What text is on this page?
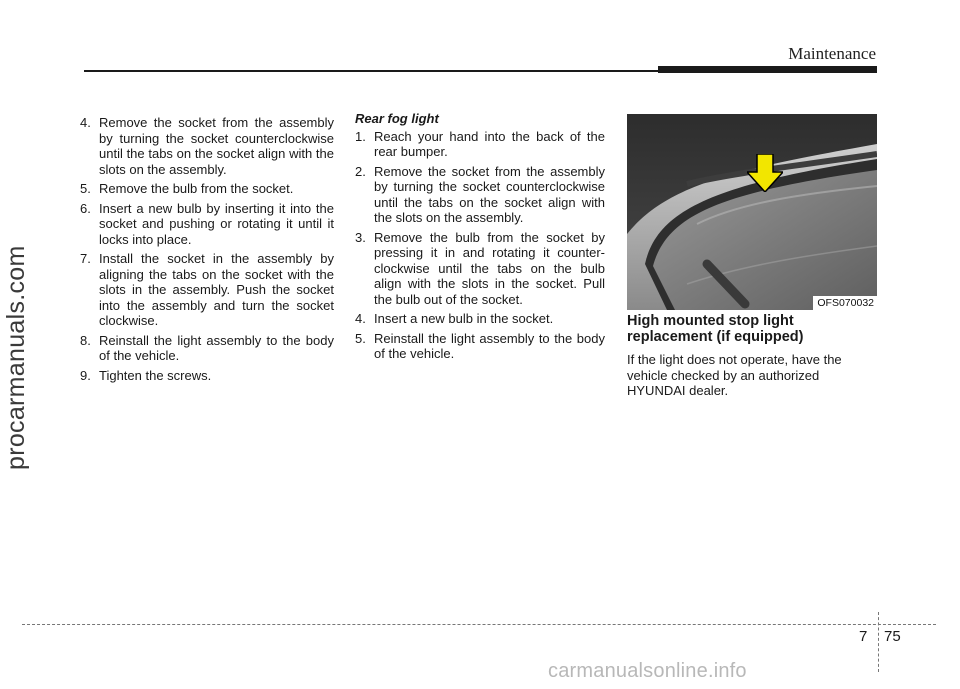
Maintenance
procarmanuals.com
4. Remove the socket from the assembly by turning the socket counterclockwise until the tabs on the socket align with the slots on the assembly.
5. Remove the bulb from the socket.
6. Insert a new bulb by inserting it into the socket and pushing or rotating it until it locks into place.
7. Install the socket in the assembly by aligning the tabs on the socket with the slots in the assembly. Push the socket into the assembly and turn the socket clockwise.
8. Reinstall the light assembly to the body of the vehicle.
9. Tighten the screws.
Rear fog light
1. Reach your hand into the back of the rear bumper.
2. Remove the socket from the assembly by turning the socket counterclockwise until the tabs on the socket align with the slots on the assembly.
3. Remove the bulb from the socket by pressing it in and rotating it counter-clockwise until the tabs on the bulb align with the slots in the socket. Pull the bulb out of the socket.
4. Insert a new bulb in the socket.
5. Reinstall the light assembly to the body of the vehicle.
OFS070032
High mounted stop light replacement (if equipped)
If the light does not operate, have the vehicle checked by an authorized HYUNDAI dealer.
7 75
carmanualsonline.info
